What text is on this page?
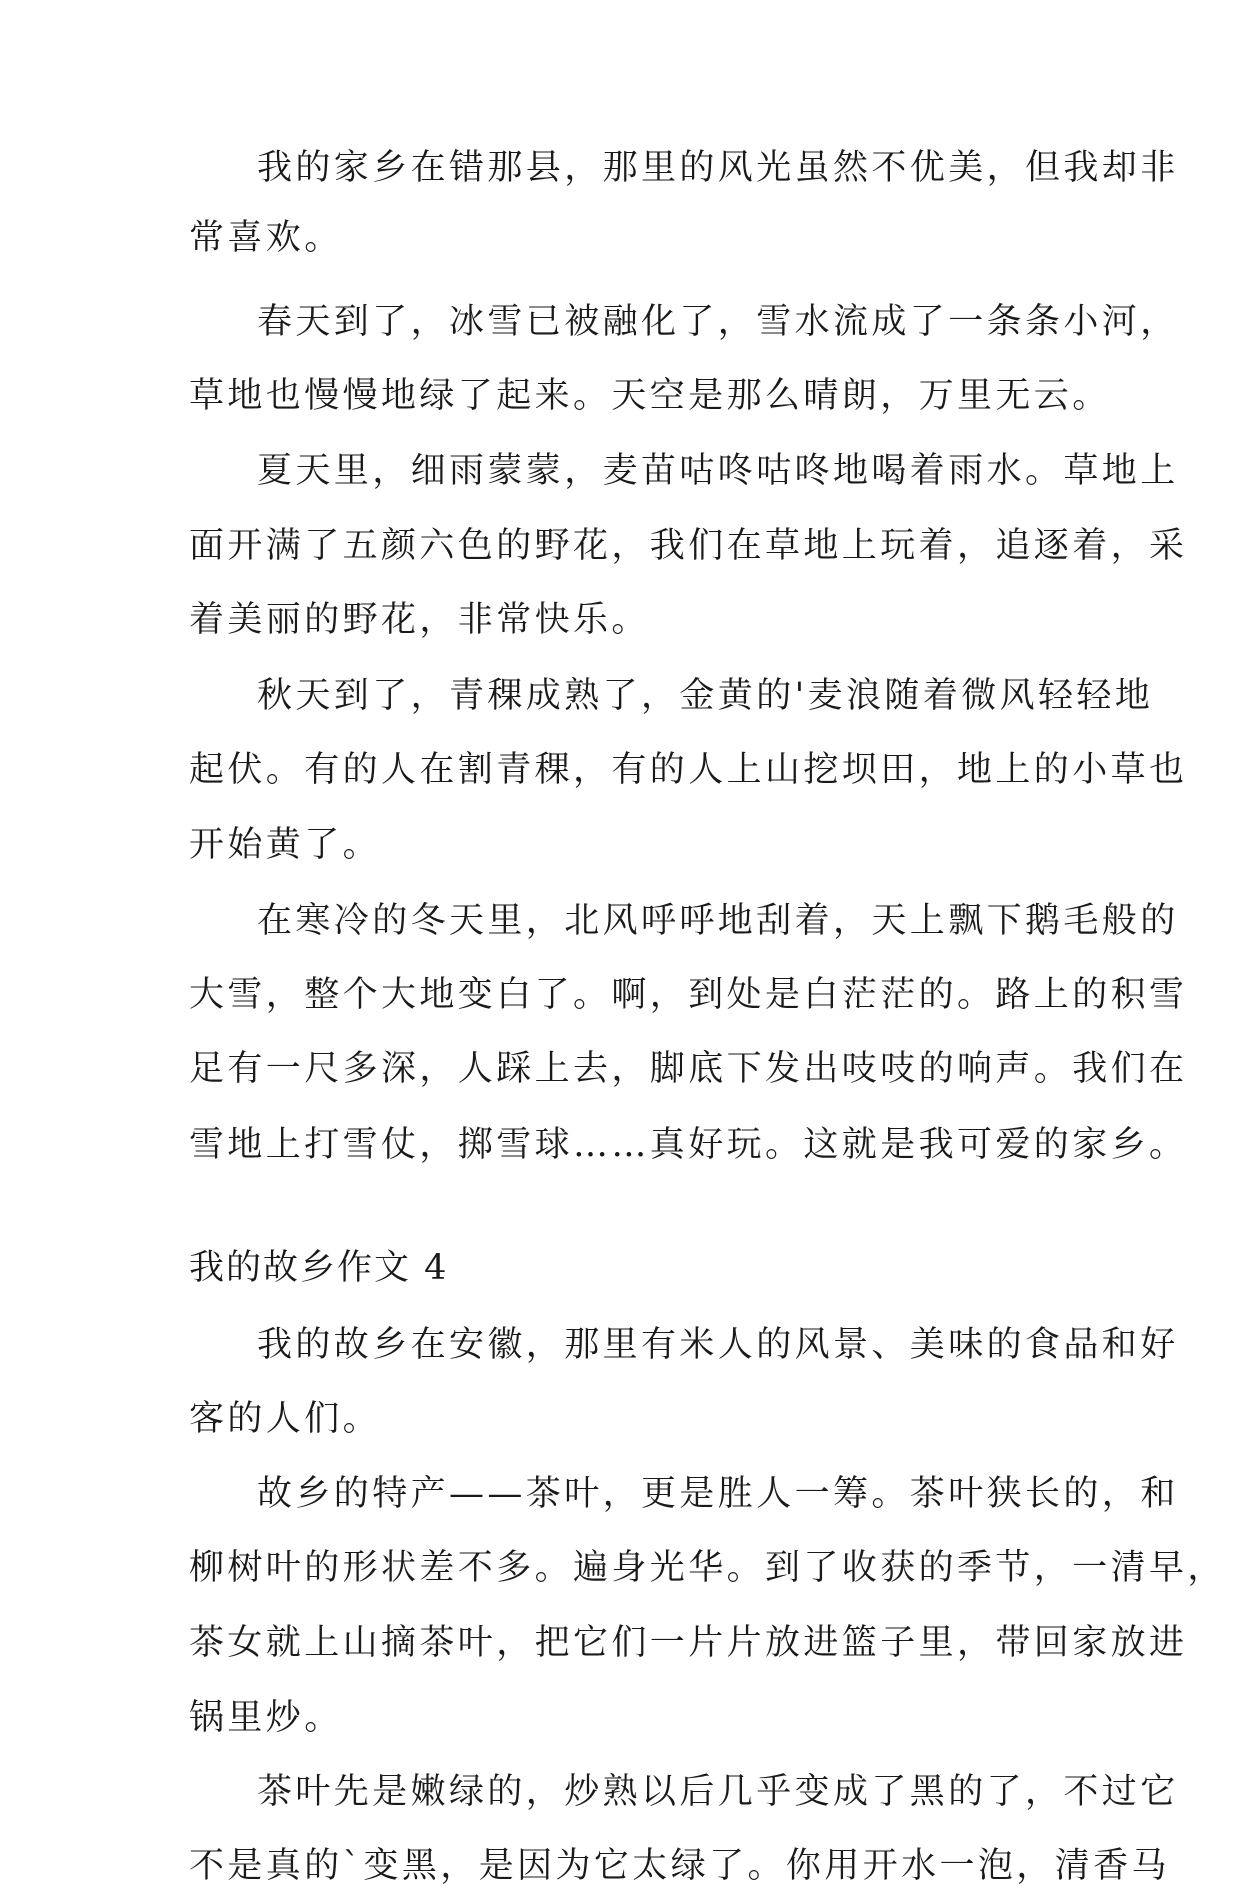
我的家乡在错那县，那里的风光虽然不优美，但我却非
常喜欢。
春天到了，冰雪已被融化了，雪水流成了一条条小河，
草地也慢慢地绿了起来。天空是那么晴朗，万里无云。
夏天里，细雨蒙蒙，麦苗咕咚咕咚地喝着雨水。草地上
面开满了五颜六色的野花，我们在草地上玩着，追逐着，采
着美丽的野花，非常快乐。
秋天到了，青稞成熟了，金黄的'麦浪随着微风轻轻地
起伏。有的人在割青稞，有的人上山挖坝田，地上的小草也
开始黄了。
在寒冷的冬天里，北风呼呼地刮着，天上飘下鹅毛般的
大雪，整个大地变白了。啊，到处是白茫茫的。路上的积雪
足有一尺多深，人踩上去，脚底下发出吱吱的响声。我们在
雪地上打雪仗，掷雪球……真好玩。这就是我可爱的家乡。
我的故乡作文 4
我的故乡在安徽，那里有米人的风景、美味的食品和好
客的人们。
故乡的特产——茶叶，更是胜人一筹。茶叶狭长的，和
柳树叶的形状差不多。遍身光华。到了收获的季节，一清早，
茶女就上山摘茶叶，把它们一片片放进篮子里，带回家放进
锅里炒。
茶叶先是嫩绿的，炒熟以后几乎变成了黑的了，不过它
不是真的`变黑，是因为它太绿了。你用开水一泡，清香马
